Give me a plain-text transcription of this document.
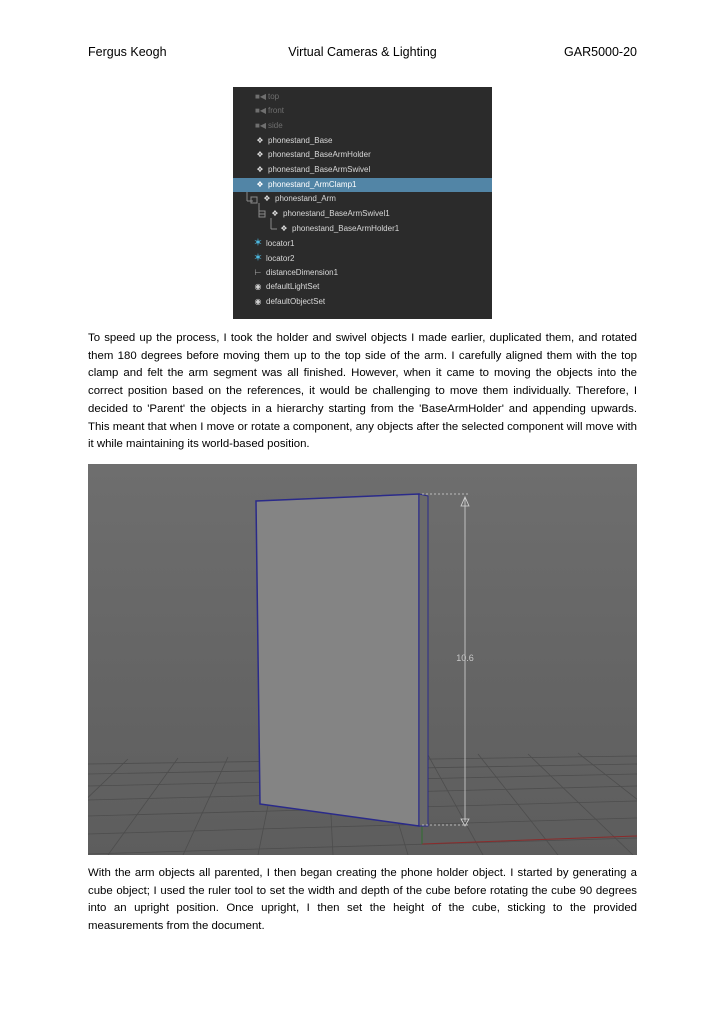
Fergus Keogh	Virtual Cameras & Lighting	GAR5000-20
■◀ top
■◀ front
■◀ side
❖ phonestand_Base
❖ phonestand_BaseArmHolder
❖ phonestand_BaseArmSwivel
❖ phonestand_ArmClamp1
❖ phonestand_Arm
❖ phonestand_BaseArmSwivel1
❖ phonestand_BaseArmHolder1
✶ locator1
✶ locator2
⊢ distanceDimension1
◉ defaultLightSet
◉ defaultObjectSet
To speed up the process, I took the holder and swivel objects I made earlier, duplicated them, and rotated them 180 degrees before moving them up to the top side of the arm. I carefully aligned them with the top clamp and felt the arm segment was all finished. However, when it came to moving the objects into the correct position based on the references, it would be challenging to move them individually. Therefore, I decided to 'Parent' the objects in a hierarchy starting from the 'BaseArmHolder' and appending upwards. This meant that when I move or rotate a component, any objects after the selected component will move with it while maintaining its world-based position.
10.6
With the arm objects all parented, I then began creating the phone holder object. I started by generating a cube object; I used the ruler tool to set the width and depth of the cube before rotating the cube 90 degrees into an upright position. Once upright, I then set the height of the cube, sticking to the provided measurements from the document.
